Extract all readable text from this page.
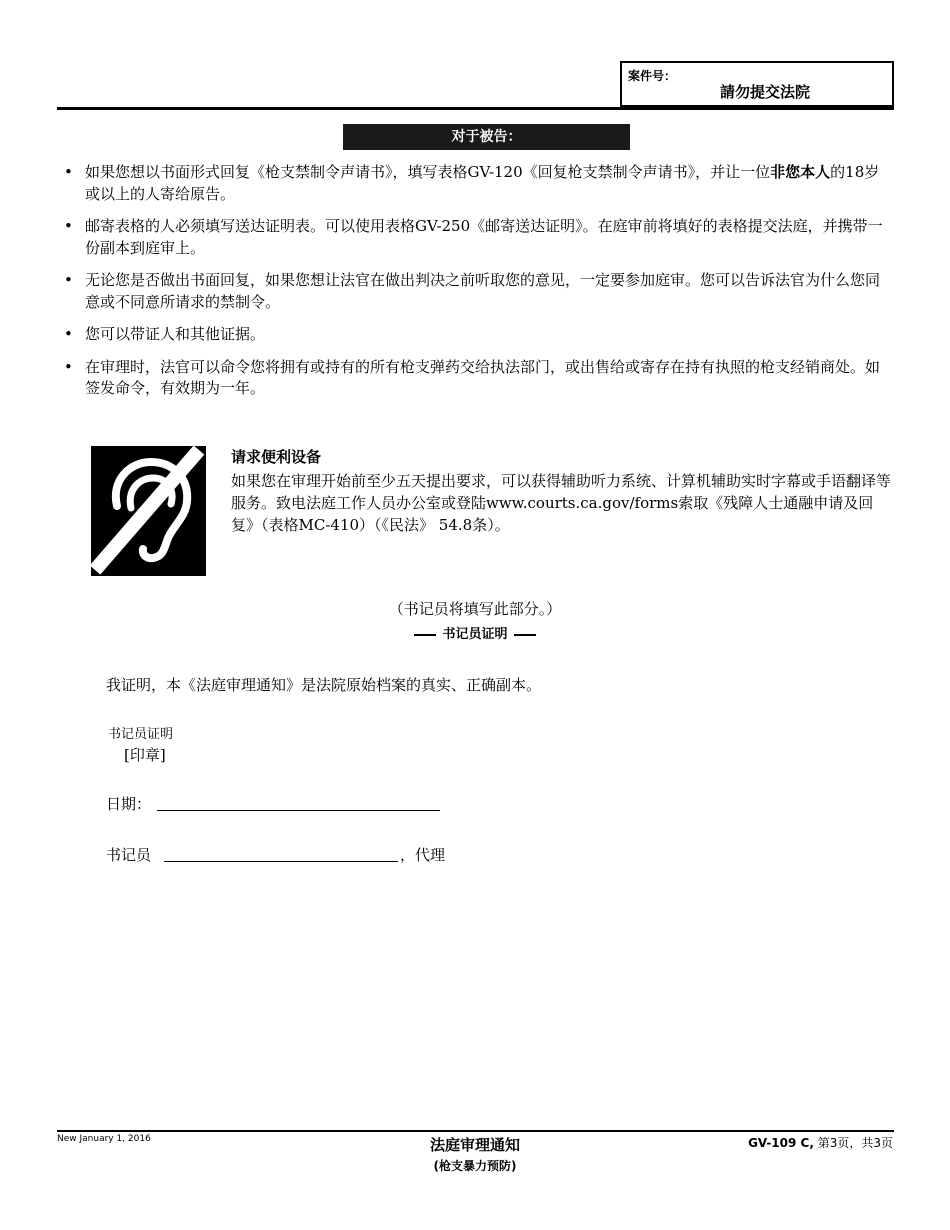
案件号：
請勿提交法院
对于被告：
• 如果您想以书面形式回复《枪支禁制令声请书》，填写表格GV-120《回复枪支禁制令声请书》，并让一位非您本人的18岁或以上的人寄给原告。
• 邮寄表格的人必须填写送达证明表。可以使用表格GV-250《邮寄送达证明》。在庭审前将填好的表格提交法庭，并携带一份副本到庭审上。
• 无论您是否做出书面回复，如果您想让法官在做出判决之前听取您的意见，一定要参加庭审。您可以告诉法官为什么您同意或不同意所请求的禁制令。
• 您可以带证人和其他证据。
• 在审理时，法官可以命令您将拥有或持有的所有枪支弹药交给执法部门，或出售给或寄存在持有执照的枪支经销商处。如签发命令，有效期为一年。
请求便利设备
如果您在审理开始前至少五天提出要求，可以获得辅助听力系统、计算机辅助实时字幕或手语翻译等服务。致电法庭工作人员办公室或登陆www.courts.ca.gov/forms索取《残障人士通融申请及回复》（表格MC-410）（《民法》 54.8条）。
（书记员将填写此部分。）
书记员证明
我证明，本《法庭审理通知》是法院原始档案的真实、正确副本。
书记员证明
[印章]
日期：
书记员	，代理
New January 1, 2016	法庭审理通知
(枪支暴力预防)
GV-109 C, 第3页，共3页
